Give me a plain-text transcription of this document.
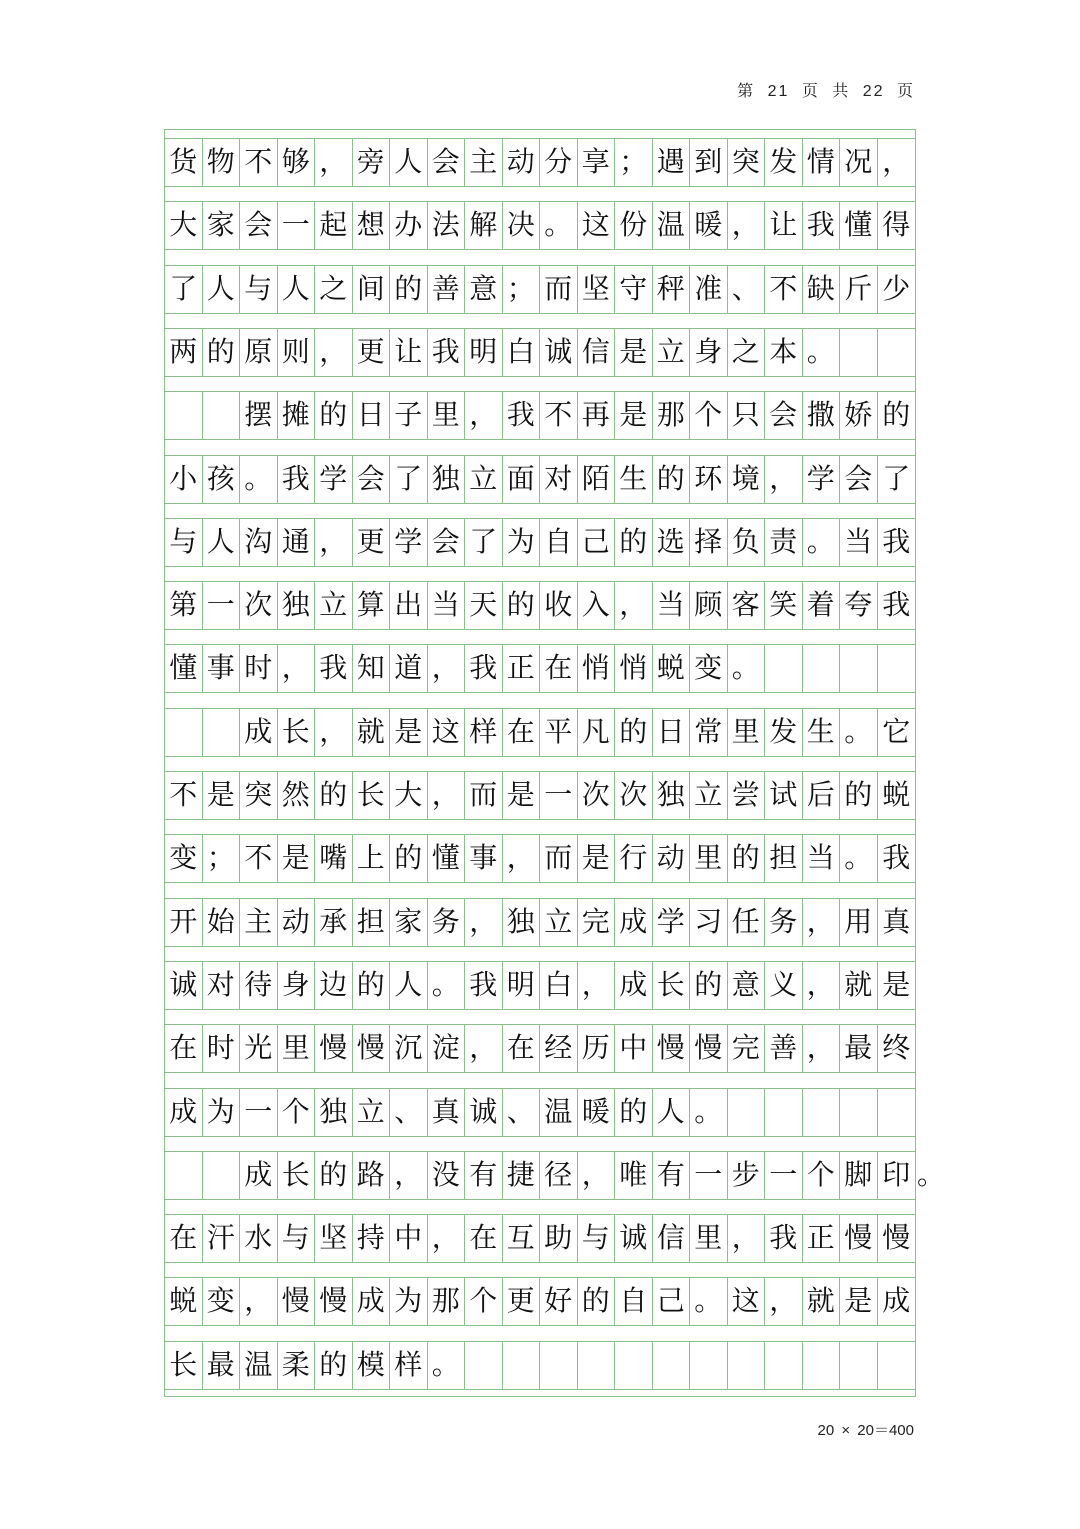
第 21 页 共 22 页
货 物 不 够 ， 旁 人 会 主 动 分 享 ； 遇 到 突 发 情 况 ，
大 家 会 一 起 想 办 法 解 决 。 这 份 温 暖 ， 让 我 懂 得
了 人 与 人 之 间 的 善 意 ； 而 坚 守 秤 准 、 不 缺 斤 少
两 的 原 则 ， 更 让 我 明 白 诚 信 是 立 身 之 本 。
摆 摊 的 日 子 里 ， 我 不 再 是 那 个 只 会 撒 娇 的
小 孩 。 我 学 会 了 独 立 面 对 陌 生 的 环 境 ， 学 会 了
与 人 沟 通 ， 更 学 会 了 为 自 己 的 选 择 负 责 。 当 我
第 一 次 独 立 算 出 当 天 的 收 入 ， 当 顾 客 笑 着 夸 我
懂 事 时 ， 我 知 道 ， 我 正 在 悄 悄 蜕 变 。
成 长 ， 就 是 这 样 在 平 凡 的 日 常 里 发 生 。 它
不 是 突 然 的 长 大 ， 而 是 一 次 次 独 立 尝 试 后 的 蜕
变 ； 不 是 嘴 上 的 懂 事 ， 而 是 行 动 里 的 担 当 。 我
开 始 主 动 承 担 家 务 ， 独 立 完 成 学 习 任 务 ， 用 真
诚 对 待 身 边 的 人 。 我 明 白 ， 成 长 的 意 义 ， 就 是
在 时 光 里 慢 慢 沉 淀 ， 在 经 历 中 慢 慢 完 善 ， 最 终
成 为 一 个 独 立 、 真 诚 、 温 暖 的 人 。
成 长 的 路 ， 没 有 捷 径 ， 唯 有 一 步 一 个 脚 印 。
在 汗 水 与 坚 持 中 ， 在 互 助 与 诚 信 里 ， 我 正 慢 慢
蜕 变 ， 慢 慢 成 为 那 个 更 好 的 自 己 。 这 ， 就 是 成
长 最 温 柔 的 模 样 。
20 × 20＝400
